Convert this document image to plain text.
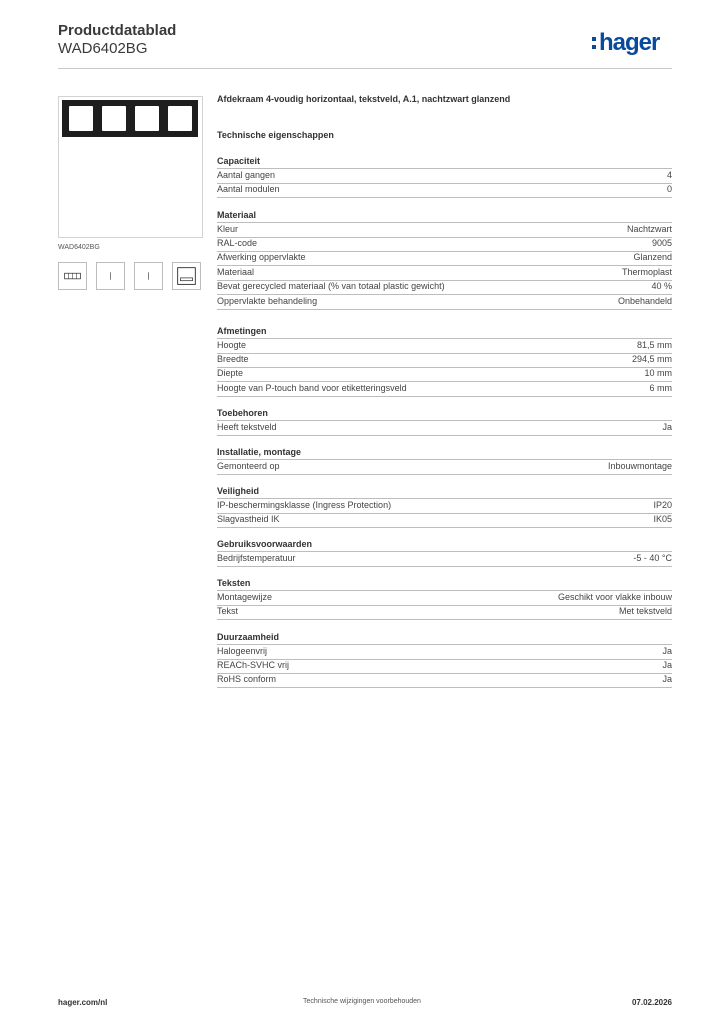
Productdatablad
WAD6402BG	hager
WAD6402BG
Afdekraam 4-voudig horizontaal, tekstveld, A.1, nachtzwart glanzend
Technische eigenschappen
Capaciteit
Aantal gangen	4
Aantal modulen	0
Materiaal
Kleur	Nachtzwart
RAL-code	9005
Afwerking oppervlakte	Glanzend
Materiaal	Thermoplast
Bevat gerecycled materiaal (% van totaal plastic gewicht)	40 %
Oppervlakte behandeling	Onbehandeld
Afmetingen
Hoogte	81,5 mm
Breedte	294,5 mm
Diepte	10 mm
Hoogte van P-touch band voor etiketteringsveld	6 mm
Toebehoren
Heeft tekstveld	Ja
Installatie, montage
Gemonteerd op	Inbouwmontage
Veiligheid
IP-beschermingsklasse (Ingress Protection)	IP20
Slagvastheid IK	IK05
Gebruiksvoorwaarden
Bedrijfstemperatuur	-5 - 40 °C
Teksten
Montagewijze	Geschikt voor vlakke inbouw
Tekst	Met tekstveld
Duurzaamheid
Halogeenvrij	Ja
REACh-SVHC vrij	Ja
RoHS conform	Ja
hager.com/nl	Technische wijzigingen voorbehouden	07.02.2026
